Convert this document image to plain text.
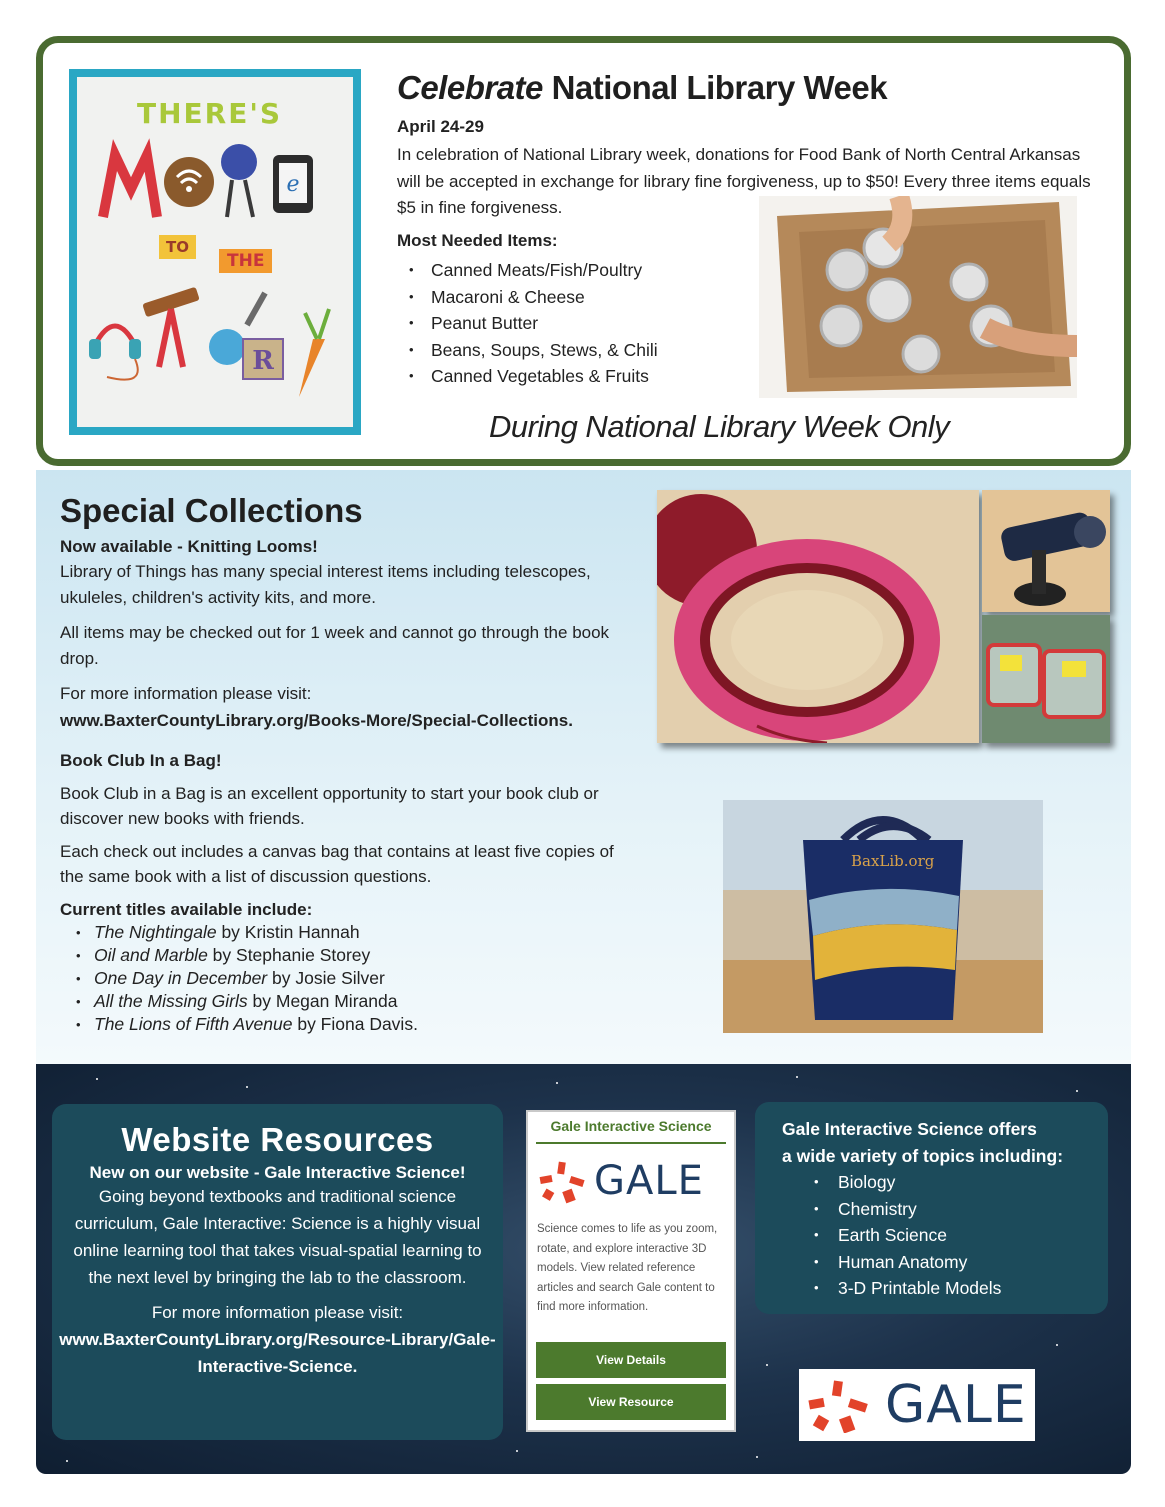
THERE'S
e
R
TO
THE
Celebrate National Library Week
April 24-29
In celebration of National Library week, donations for Food Bank of North Central Arkansas will be accepted in exchange for library fine forgiveness, up to $50! Every three items equals $5 in fine forgiveness.
Most Needed Items:
• Canned Meats/Fish/Poultry
• Macaroni & Cheese
• Peanut Butter
• Beans, Soups, Stews, & Chili
• Canned Vegetables & Fruits
During National Library Week Only
Special Collections
Now available - Knitting Looms!
Library of Things has many special interest items including telescopes, ukuleles, children's activity kits, and more.
All items may be checked out for 1 week and cannot go through the book drop.
For more information please visit:
www.BaxterCountyLibrary.org/Books-More/Special-Collections.
Book Club In a Bag!
Book Club in a Bag is an excellent opportunity to start your book club or discover new books with friends.
Each check out includes a canvas bag that contains at least five copies of the same book with a list of discussion questions.
Current titles available include:
• The Nightingale by Kristin Hannah
• Oil and Marble by Stephanie Storey
• One Day in December by Josie Silver
• All the Missing Girls by Megan Miranda
• The Lions of Fifth Avenue by Fiona Davis.
BaxLib.org
Website Resources
New on our website - Gale Interactive Science!
Going beyond textbooks and traditional science curriculum, Gale Interactive: Science is a highly visual online learning tool that takes visual-spatial learning to the next level by bringing the lab to the classroom.
For more information please visit:
www.BaxterCountyLibrary.org/Resource-Library/Gale-Interactive-Science.
Gale Interactive Science
GALE
Science comes to life as you zoom, rotate, and explore interactive 3D models. View related reference articles and search Gale content to find more information.
View Details
View Resource
Gale Interactive Science offers
a wide variety of topics including:
• Biology
• Chemistry
• Earth Science
• Human Anatomy
• 3-D Printable Models
GALE
